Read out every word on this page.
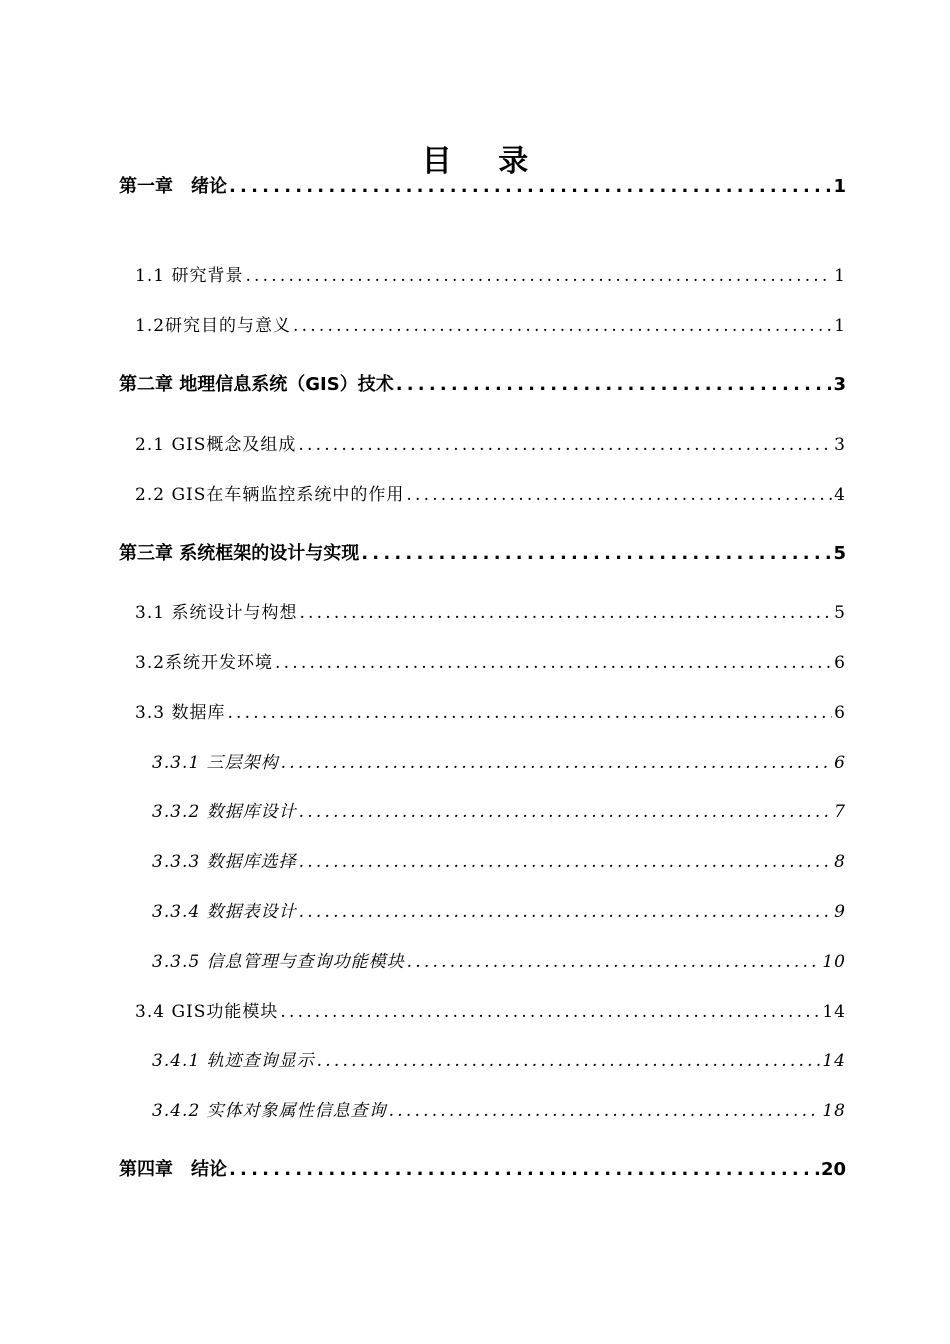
目 录
第一章　绪论 .....	1
1.1 研究背景 .....	1
1.2研究目的与意义 .....	1
第二章 地理信息系统（GIS）技术 .....	3
2.1 GIS概念及组成 .....	3
2.2 GIS在车辆监控系统中的作用 .....	4
第三章 系统框架的设计与实现 .....	5
3.1 系统设计与构想 .....	5
3.2系统开发环境 .....	6
3.3 数据库 .....	6
3.3.1 三层架构 .....	6
3.3.2 数据库设计 .....	7
3.3.3 数据库选择 .....	8
3.3.4 数据表设计 .....	9
3.3.5 信息管理与查询功能模块 .....	10
3.4 GIS功能模块 .....	14
3.4.1 轨迹查询显示 .....	14
3.4.2 实体对象属性信息查询 .....	18
第四章　结论 .....	20
